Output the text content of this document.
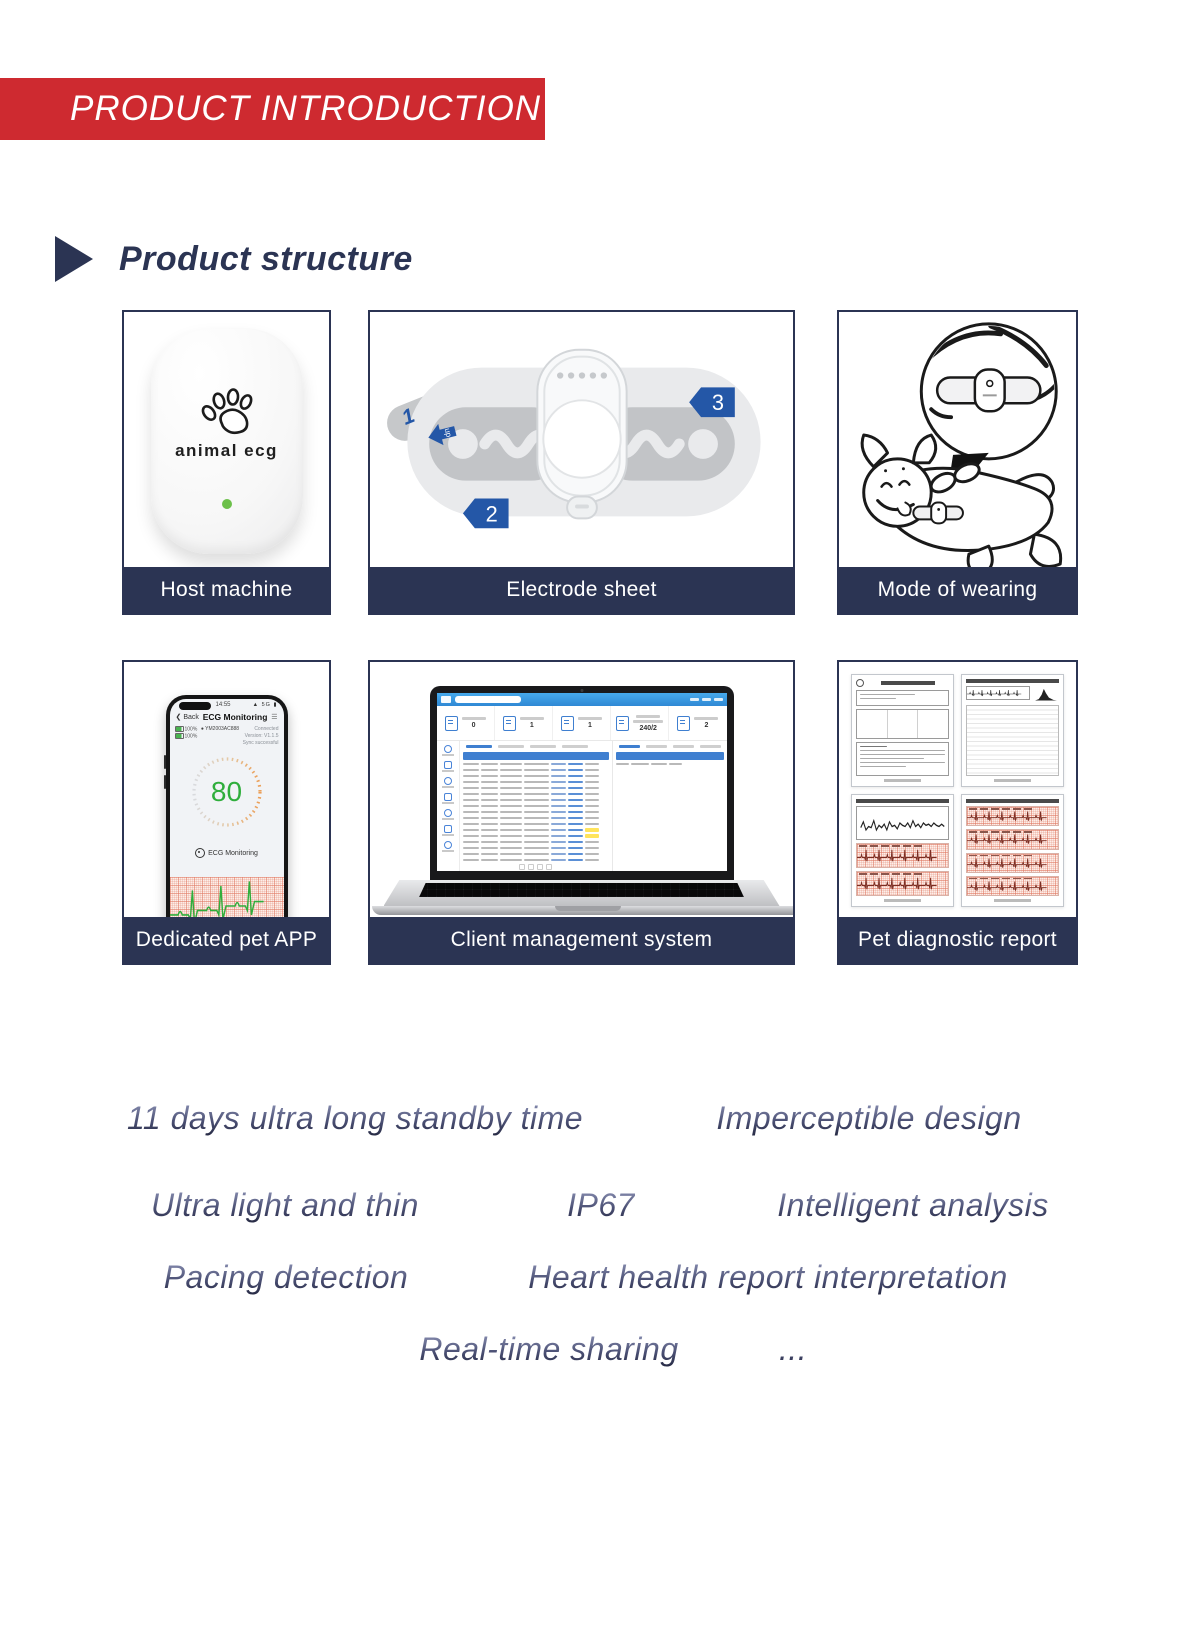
PRODUCT INTRODUCTION
Product structure
animal ecg
Host machine
1
up
2
3
Electrode sheet	Mode of wearing
14:55	▲ 5G ▮
❮ Back ECG Monitoring ☰
100%
100%
● YM2003AC888	Connected
Version: V1.1.5
Sync successful
80
ECG Monitoring
Dedicated pet APP
0	1	1	240/2	2
Client management system	Pet diagnostic report
11 days ultra long standby time	Imperceptible design
Ultra light and thin	IP67	Intelligent analysis
Pacing detection	Heart health report interpretation
Real-time sharing	...
